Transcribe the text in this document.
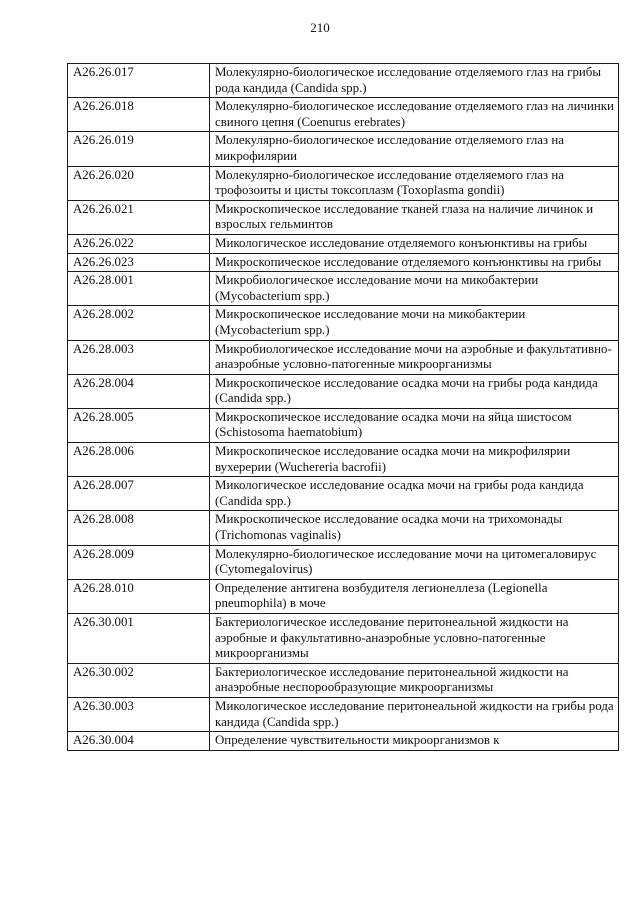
210
A26.26.017	Молекулярно-биологическое исследование отделяемого глаз на грибы рода кандида (Candida spp.)
A26.26.018	Молекулярно-биологическое исследование отделяемого глаз на личинки свиного цепня (Coenurus erebrates)
A26.26.019	Молекулярно-биологическое исследование отделяемого глаз на микрофилярии
A26.26.020	Молекулярно-биологическое исследование отделяемого глаз на трофозоиты и цисты токсоплазм (Toxoplasma gondii)
A26.26.021	Микроскопическое исследование тканей глаза на наличие личинок и взрослых гельминтов
A26.26.022	Микологическое исследование отделяемого конъюнктивы на грибы
A26.26.023	Микроскопическое исследование отделяемого конъюнктивы на грибы
A26.28.001	Микробиологическое исследование мочи на микобактерии (Mycobacterium spp.)
A26.28.002	Микроскопическое исследование мочи на микобактерии (Mycobacterium spp.)
A26.28.003	Микробиологическое исследование мочи на аэробные и факультативно-анаэробные условно-патогенные микроорганизмы
A26.28.004	Микроскопическое исследование осадка мочи на грибы рода кандида (Candida spp.)
A26.28.005	Микроскопическое исследование осадка мочи на яйца шистосом (Schistosoma haematobium)
A26.28.006	Микроскопическое исследование осадка мочи на микрофилярии вухерерии (Wuchereria bacrofii)
A26.28.007	Микологическое исследование осадка мочи на грибы рода кандида (Candida spp.)
A26.28.008	Микроскопическое исследование осадка мочи на трихомонады (Trichomonas vaginalis)
A26.28.009	Молекулярно-биологическое исследование мочи на цитомегаловирус (Cytomegalovirus)
A26.28.010	Определение антигена возбудителя легионеллеза (Legionella pneumophila) в моче
A26.30.001	Бактериологическое исследование перитонеальной жидкости на аэробные и факультативно-анаэробные условно-патогенные микроорганизмы
A26.30.002	Бактериологическое исследование перитонеальной жидкости на анаэробные неспорообразующие микроорганизмы
A26.30.003	Микологическое исследование перитонеальной жидкости на грибы рода кандида (Candida spp.)
A26.30.004	Определение чувствительности микроорганизмов к
